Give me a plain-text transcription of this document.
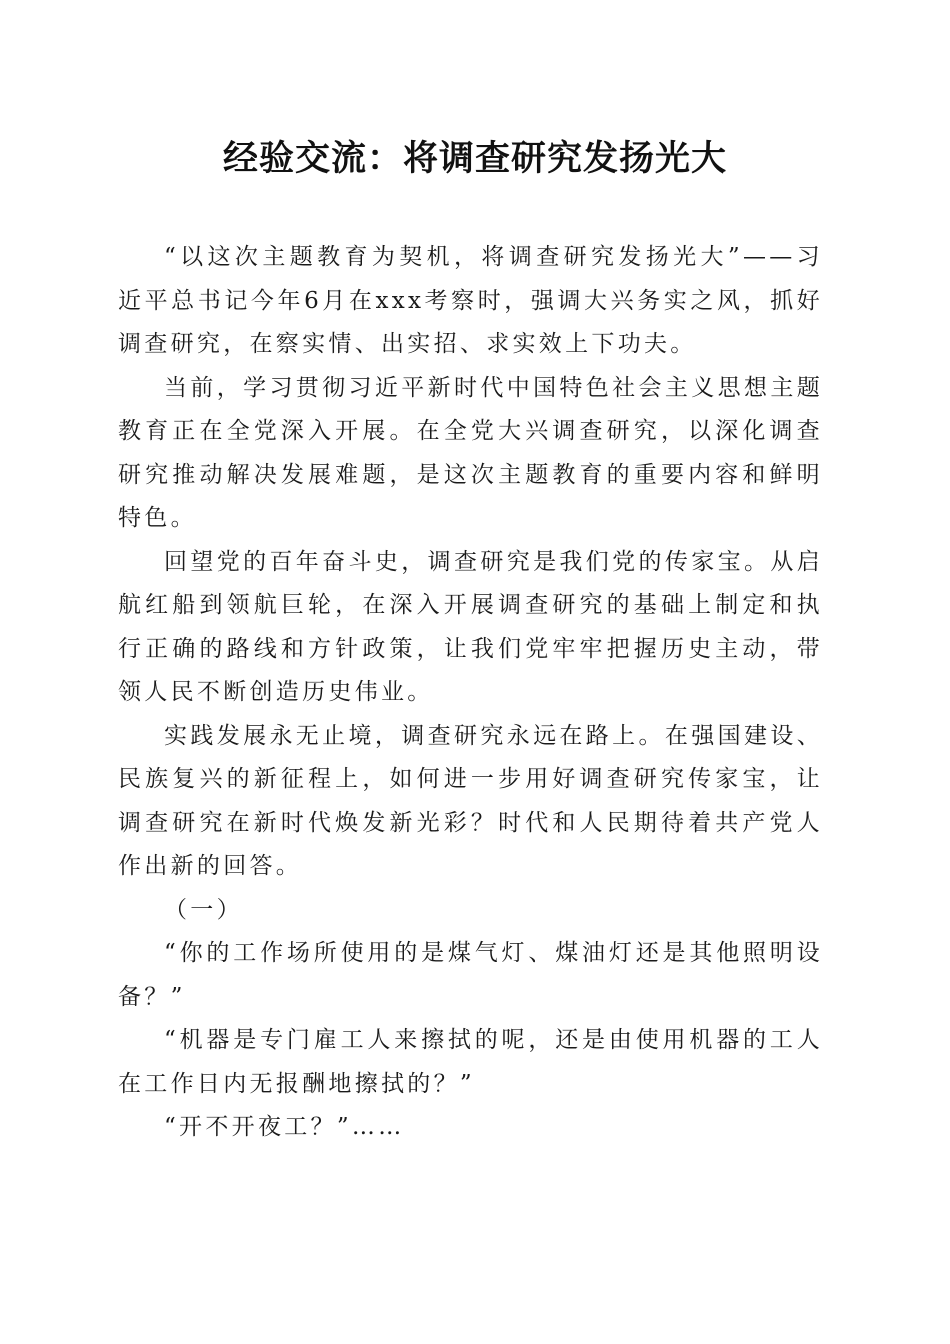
经验交流：将调查研究发扬光大

“以这次主题教育为契机，将调查研究发扬光大”——习近平总书记今年6月在xxx考察时，强调大兴务实之风，抓好调查研究，在察实情、出实招、求实效上下功夫。

当前，学习贯彻习近平新时代中国特色社会主义思想主题教育正在全党深入开展。在全党大兴调查研究，以深化调查研究推动解决发展难题，是这次主题教育的重要内容和鲜明特色。

回望党的百年奋斗史，调查研究是我们党的传家宝。从启航红船到领航巨轮，在深入开展调查研究的基础上制定和执行正确的路线和方针政策，让我们党牢牢把握历史主动，带领人民不断创造历史伟业。

实践发展永无止境，调查研究永远在路上。在强国建设、民族复兴的新征程上，如何进一步用好调查研究传家宝，让调查研究在新时代焕发新光彩？时代和人民期待着共产党人作出新的回答。

（一）

“你的工作场所使用的是煤气灯、煤油灯还是其他照明设备？”

“机器是专门雇工人来擦拭的呢，还是由使用机器的工人在工作日内无报酬地擦拭的？”

“开不开夜工？”……
